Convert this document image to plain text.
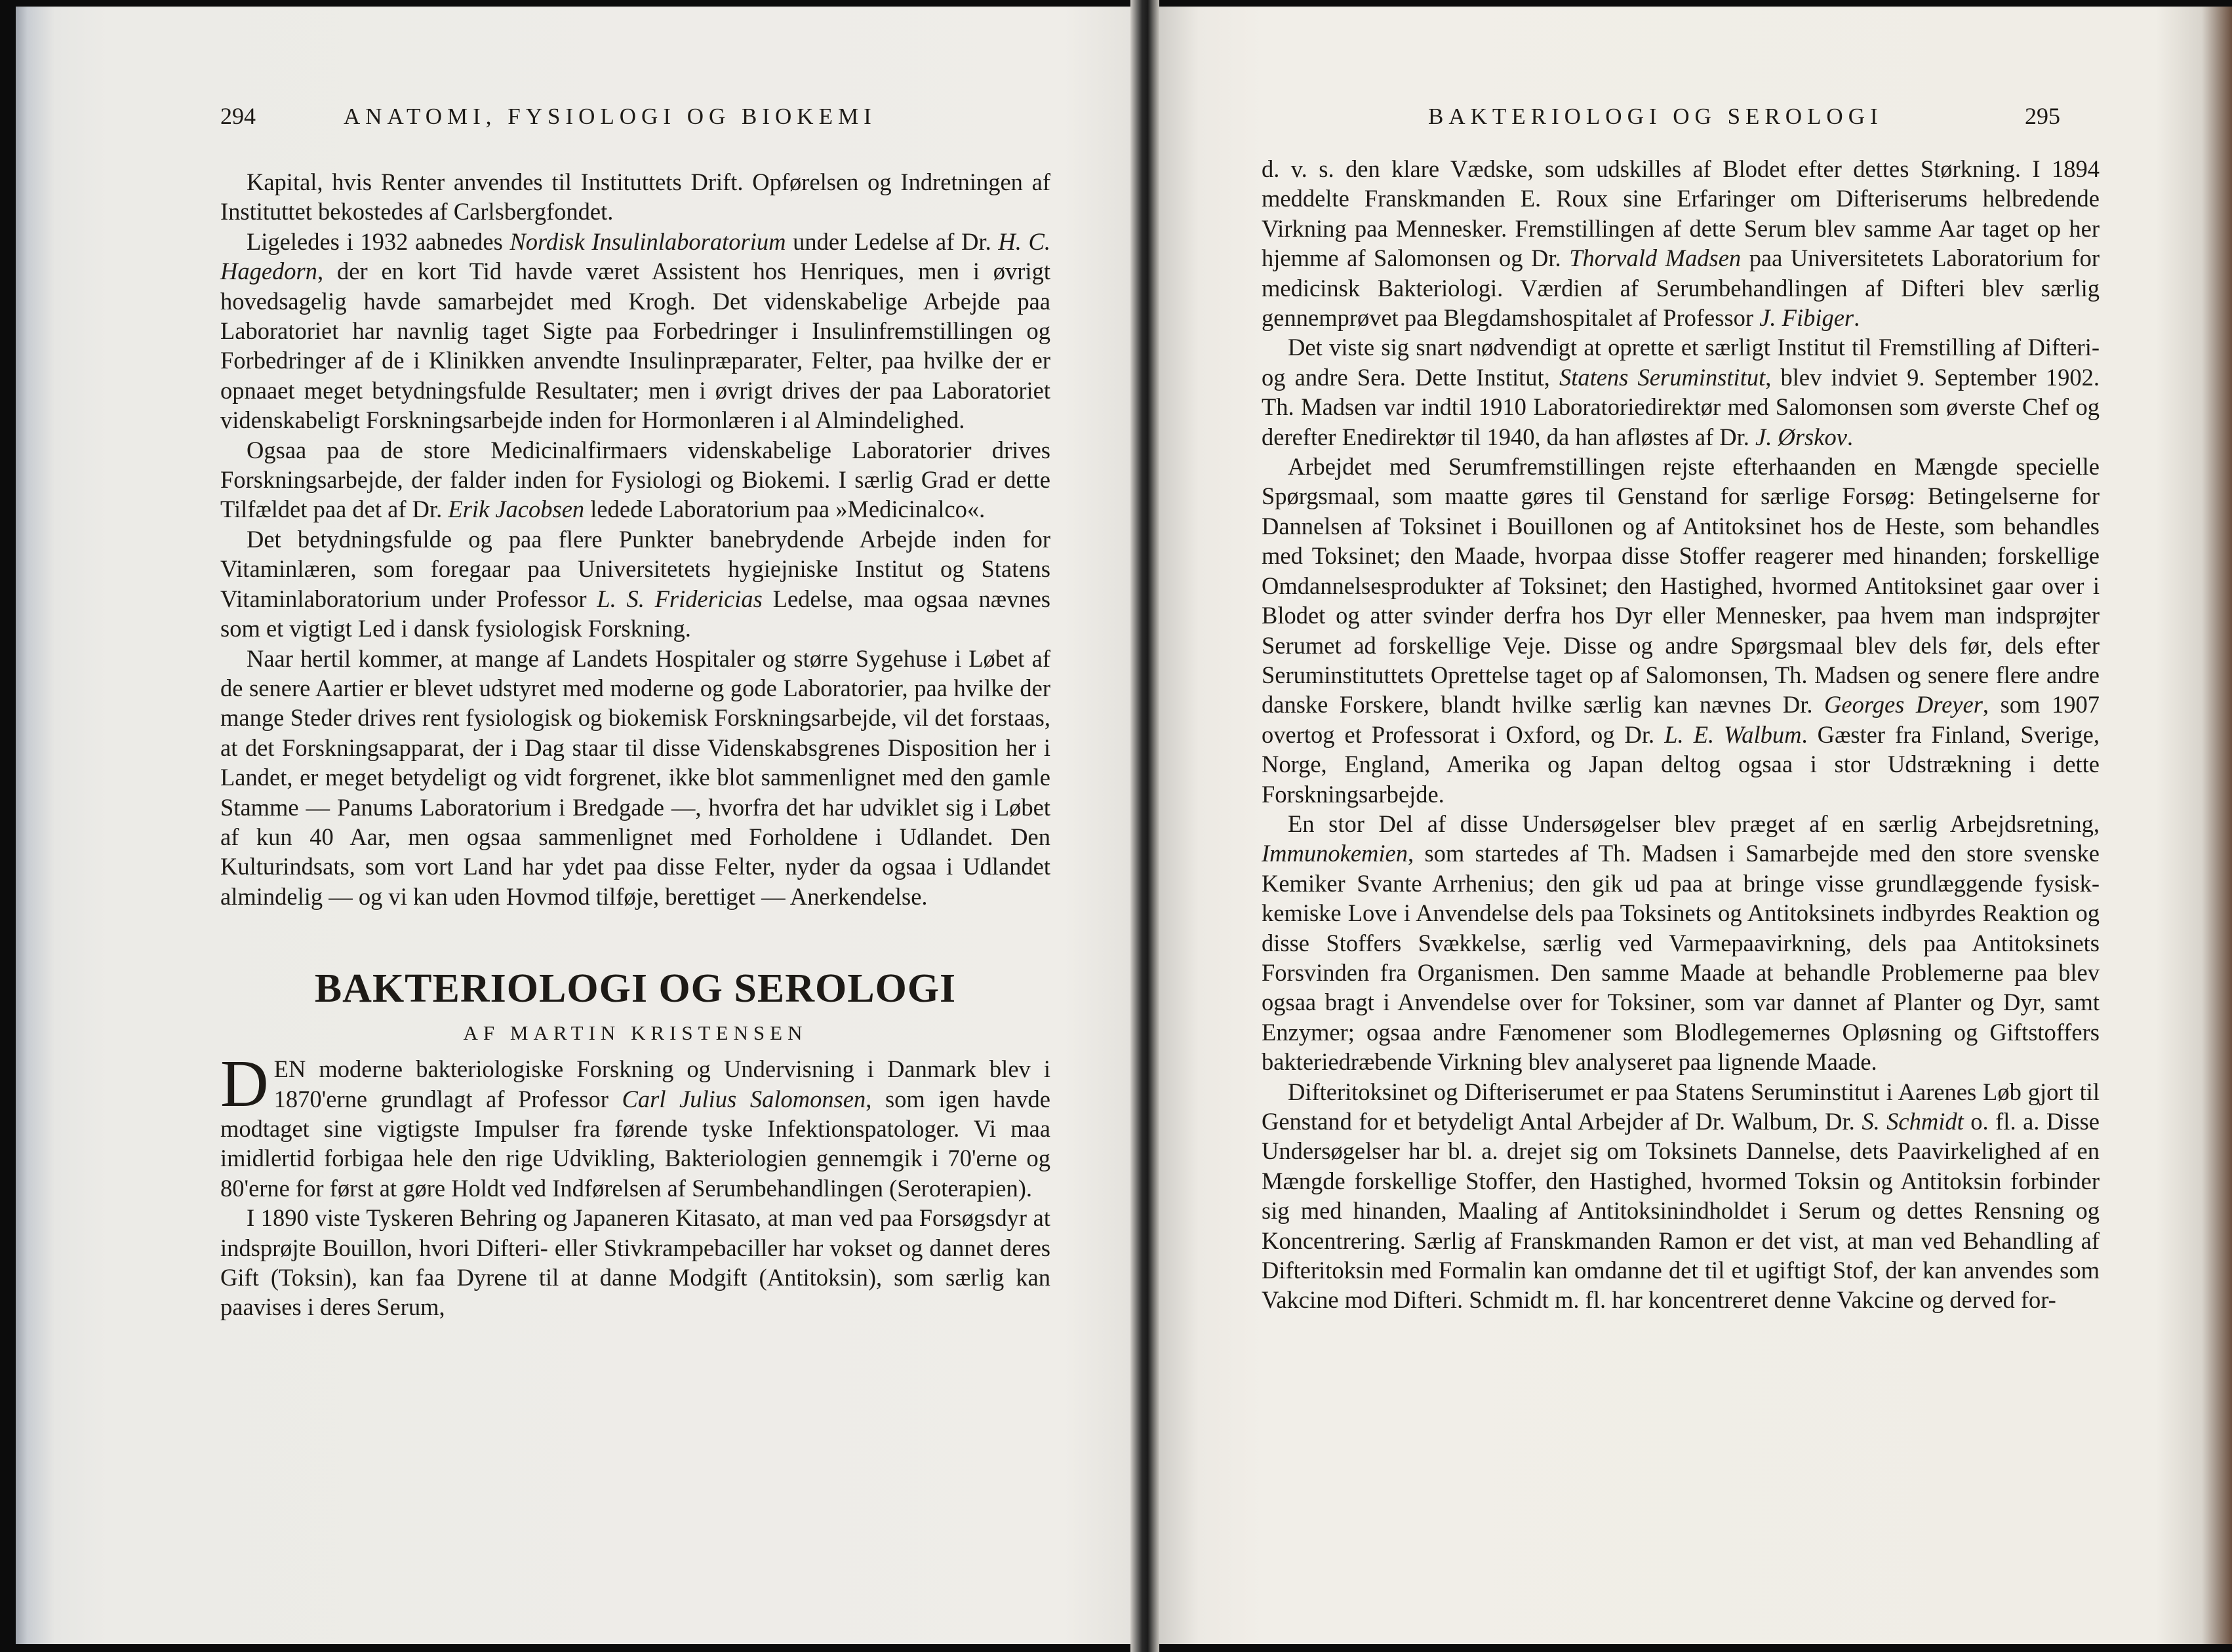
294	ANATOMI, FYSIOLOGI OG BIOKEMI

Kapital, hvis Renter anvendes til Instituttets Drift. Opførelsen og Indretningen af Instituttet bekostedes af Carlsbergfondet.

Ligeledes i 1932 aabnedes Nordisk Insulinlaboratorium under Ledelse af Dr. H. C. Hagedorn, der en kort Tid havde været Assistent hos Henriques, men i øvrigt hovedsagelig havde samarbejdet med Krogh. Det videnskabelige Arbejde paa Laboratoriet har navnlig taget Sigte paa Forbedringer i Insulinfremstillingen og Forbedringer af de i Klinikken anvendte Insulinpræparater, Felter, paa hvilke der er opnaaet meget betydningsfulde Resultater; men i øvrigt drives der paa Laboratoriet videnskabeligt Forskningsarbejde inden for Hormonlæren i al Almindelighed.

Ogsaa paa de store Medicinalfirmaers videnskabelige Laboratorier drives Forskningsarbejde, der falder inden for Fysiologi og Biokemi. I særlig Grad er dette Tilfældet paa det af Dr. Erik Jacobsen ledede Laboratorium paa »Medicinalco«.

Det betydningsfulde og paa flere Punkter banebrydende Arbejde inden for Vitaminlæren, som foregaar paa Universitetets hygiejniske Institut og Statens Vitaminlaboratorium under Professor L. S. Fridericias Ledelse, maa ogsaa nævnes som et vigtigt Led i dansk fysiologisk Forskning.

Naar hertil kommer, at mange af Landets Hospitaler og større Sygehuse i Løbet af de senere Aartier er blevet udstyret med moderne og gode Laboratorier, paa hvilke der mange Steder drives rent fysiologisk og biokemisk Forskningsarbejde, vil det forstaas, at det Forskningsapparat, der i Dag staar til disse Videnskabsgrenes Disposition her i Landet, er meget betydeligt og vidt forgrenet, ikke blot sammenlignet med den gamle Stamme — Panums Laboratorium i Bredgade —, hvorfra det har udviklet sig i Løbet af kun 40 Aar, men ogsaa sammenlignet med Forholdene i Udlandet. Den Kulturindsats, som vort Land har ydet paa disse Felter, nyder da ogsaa i Udlandet almindelig — og vi kan uden Hovmod tilføje, berettiget — Anerkendelse.

BAKTERIOLOGI OG SEROLOGI
AF MARTIN KRISTENSEN

DEN moderne bakteriologiske Forskning og Undervisning i Danmark blev i 1870'erne grundlagt af Professor Carl Julius Salomonsen, som igen havde modtaget sine vigtigste Impulser fra førende tyske Infektionspatologer. Vi maa imidlertid forbigaa hele den rige Udvikling, Bakteriologien gennemgik i 70'erne og 80'erne for først at gøre Holdt ved Indførelsen af Serumbehandlingen (Seroterapien).

I 1890 viste Tyskeren Behring og Japaneren Kitasato, at man ved paa Forsøgsdyr at indsprøjte Bouillon, hvori Difteri- eller Stivkrampebaciller har vokset og dannet deres Gift (Toksin), kan faa Dyrene til at danne Modgift (Antitoksin), som særlig kan paavises i deres Serum,

BAKTERIOLOGI OG SEROLOGI	295

d. v. s. den klare Vædske, som udskilles af Blodet efter dettes Størkning. I 1894 meddelte Franskmanden E. Roux sine Erfaringer om Difteriserums helbredende Virkning paa Mennesker. Fremstillingen af dette Serum blev samme Aar taget op her hjemme af Salomonsen og Dr. Thorvald Madsen paa Universitetets Laboratorium for medicinsk Bakteriologi. Værdien af Serumbehandlingen af Difteri blev særlig gennemprøvet paa Blegdamshospitalet af Professor J. Fibiger.

Det viste sig snart nødvendigt at oprette et særligt Institut til Fremstilling af Difteri- og andre Sera. Dette Institut, Statens Seruminstitut, blev indviet 9. September 1902. Th. Madsen var indtil 1910 Laboratoriedirektør med Salomonsen som øverste Chef og derefter Enedirektør til 1940, da han afløstes af Dr. J. Ørskov.

Arbejdet med Serumfremstillingen rejste efterhaanden en Mængde specielle Spørgsmaal, som maatte gøres til Genstand for særlige Forsøg: Betingelserne for Dannelsen af Toksinet i Bouillonen og af Antitoksinet hos de Heste, som behandles med Toksinet; den Maade, hvorpaa disse Stoffer reagerer med hinanden; forskellige Omdannelsesprodukter af Toksinet; den Hastighed, hvormed Antitoksinet gaar over i Blodet og atter svinder derfra hos Dyr eller Mennesker, paa hvem man indsprøjter Serumet ad forskellige Veje. Disse og andre Spørgsmaal blev dels før, dels efter Seruminstituttets Oprettelse taget op af Salomonsen, Th. Madsen og senere flere andre danske Forskere, blandt hvilke særlig kan nævnes Dr. Georges Dreyer, som 1907 overtog et Professorat i Oxford, og Dr. L. E. Walbum. Gæster fra Finland, Sverige, Norge, England, Amerika og Japan deltog ogsaa i stor Udstrækning i dette Forskningsarbejde.

En stor Del af disse Undersøgelser blev præget af en særlig Arbejdsretning, Immunokemien, som startedes af Th. Madsen i Samarbejde med den store svenske Kemiker Svante Arrhenius; den gik ud paa at bringe visse grundlæggende fysisk-kemiske Love i Anvendelse dels paa Toksinets og Antitoksinets indbyrdes Reaktion og disse Stoffers Svækkelse, særlig ved Varmepaavirkning, dels paa Antitoksinets Forsvinden fra Organismen. Den samme Maade at behandle Problemerne paa blev ogsaa bragt i Anvendelse over for Toksiner, som var dannet af Planter og Dyr, samt Enzymer; ogsaa andre Fænomener som Blodlegemernes Opløsning og Giftstoffers bakteriedræbende Virkning blev analyseret paa lignende Maade.

Difteritoksinet og Difteriserumet er paa Statens Seruminstitut i Aarenes Løb gjort til Genstand for et betydeligt Antal Arbejder af Dr. Walbum, Dr. S. Schmidt o. fl. a. Disse Undersøgelser har bl. a. drejet sig om Toksinets Dannelse, dets Paavirkelighed af en Mængde forskellige Stoffer, den Hastighed, hvormed Toksin og Antitoksin forbinder sig med hinanden, Maaling af Antitoksinindholdet i Serum og dettes Rensning og Koncentrering. Særlig af Franskmanden Ramon er det vist, at man ved Behandling af Difteritoksin med Formalin kan omdanne det til et ugiftigt Stof, der kan anvendes som Vakcine mod Difteri. Schmidt m. fl. har koncentreret denne Vakcine og derved for-
